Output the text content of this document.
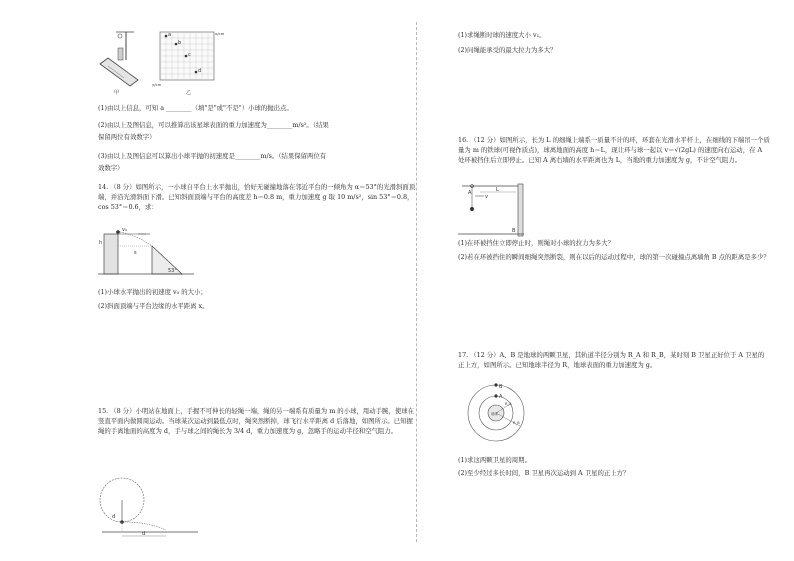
甲
a
b
c
d
x/cm
y/cm
乙
(1)由以上信息，可知 a ________（填"是"或"不是"）小球的抛出点。
(2)由以上及图信息，可以推算出该星球表面的重力加速度为________m/s²。（结果
保留两位有效数字）
(3)由以上及图信息可以算出小球平抛的初速度是________m/s。（结果保留两位有
效数字）
14. （8 分）如图所示，一小球自平台上水平抛出，恰好无碰撞地落在邻近平台的一倾角为 α＝53°的光滑斜面顶端，并沿光滑斜面下滑。已知斜面顶端与平台的高度差 h＝0.8 m，重力加速度 g 取 10 m/s²，sin 53°＝0.8，cos 53°＝0.6，求：
v₀
h
s
53°
(1)小球水平抛出的初速度 v₀ 的大小；
(2)斜面顶端与平台边缘的水平距离 x。
15. （8 分）小明站在地面上，手握不可伸长的轻绳一端，绳的另一端系有质量为 m 的小球，甩动手腕，使球在竖直平面内做圆周运动。当球某次运动到最低点时，绳突然断掉，球飞行水平距离 d 后落地，如图所示。已知握绳的手离地面的高度为 d，手与球之间的绳长为 3/4 d，重力加速度为 g，忽略手的运动半径和空气阻力。
d
d
(1)求绳断时球的速度大小 v₁。
(2)问绳能承受的最大拉力为多大？
16. （12 分）如图所示，长为 L 的细绳上端系一质量不计的环，环套在光滑水平杆上，在细线的下端吊一个质量为 m 的铁球(可视作质点)，球离地面的高度 h＝L，现让环与球一起以 v＝√(2gL) 的速度向右运动，在 A 处环被挡住后立即停止。已知 A 离右墙的水平距离也为 L，当地的重力加速度为 g，不计空气阻力。
A	L
v
B
(1)在环被挡住立即停止时，则绳对小球的拉力为多大？
(2)若在环被挡住的瞬间细绳突然断裂，则在以后的运动过程中，球的第一次碰撞点离墙角 B 点的距离是多少？
17. （12 分）A、B 是地球的两颗卫星，其轨道半径分别为 R_A 和 R_B，某时刻 B 卫星正好位于 A 卫星的正上方，如图所示。已知地球半径为 R，地球表面的重力加速度为 g。
A
B
地球
R_A
R_B
(1)求这两颗卫星的周期。
(2)至少经过多长时间，B 卫星再次运动到 A 卫星的正上方？
